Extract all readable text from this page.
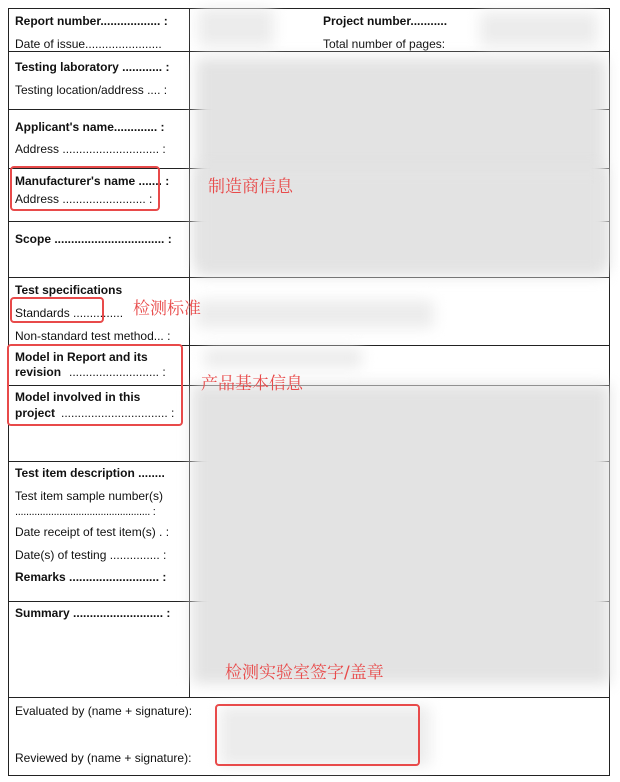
Report number.................. :
Date of issue.......................
Project number...........
Total number of pages:
Testing laboratory ............ :
Testing location/address .... :
Applicant's name............. :
Address ............................. :
Manufacturer's name ....... :
Address ......................... :
Scope ................................. :
Test specifications
Standards ...............
Non-standard test method... :
Model in Report and its
revision ........................... :
Model involved in this
project ................................ :
Test item description ........
Test item sample number(s)
................................................. :
Date receipt of test item(s) . :
Date(s) of testing ............... :
Remarks ........................... :
Summary ........................... :
Evaluated by (name + signature):
Reviewed by (name + signature):
制造商信息
检测标准
产品基本信息
检测实验室签字/盖章
